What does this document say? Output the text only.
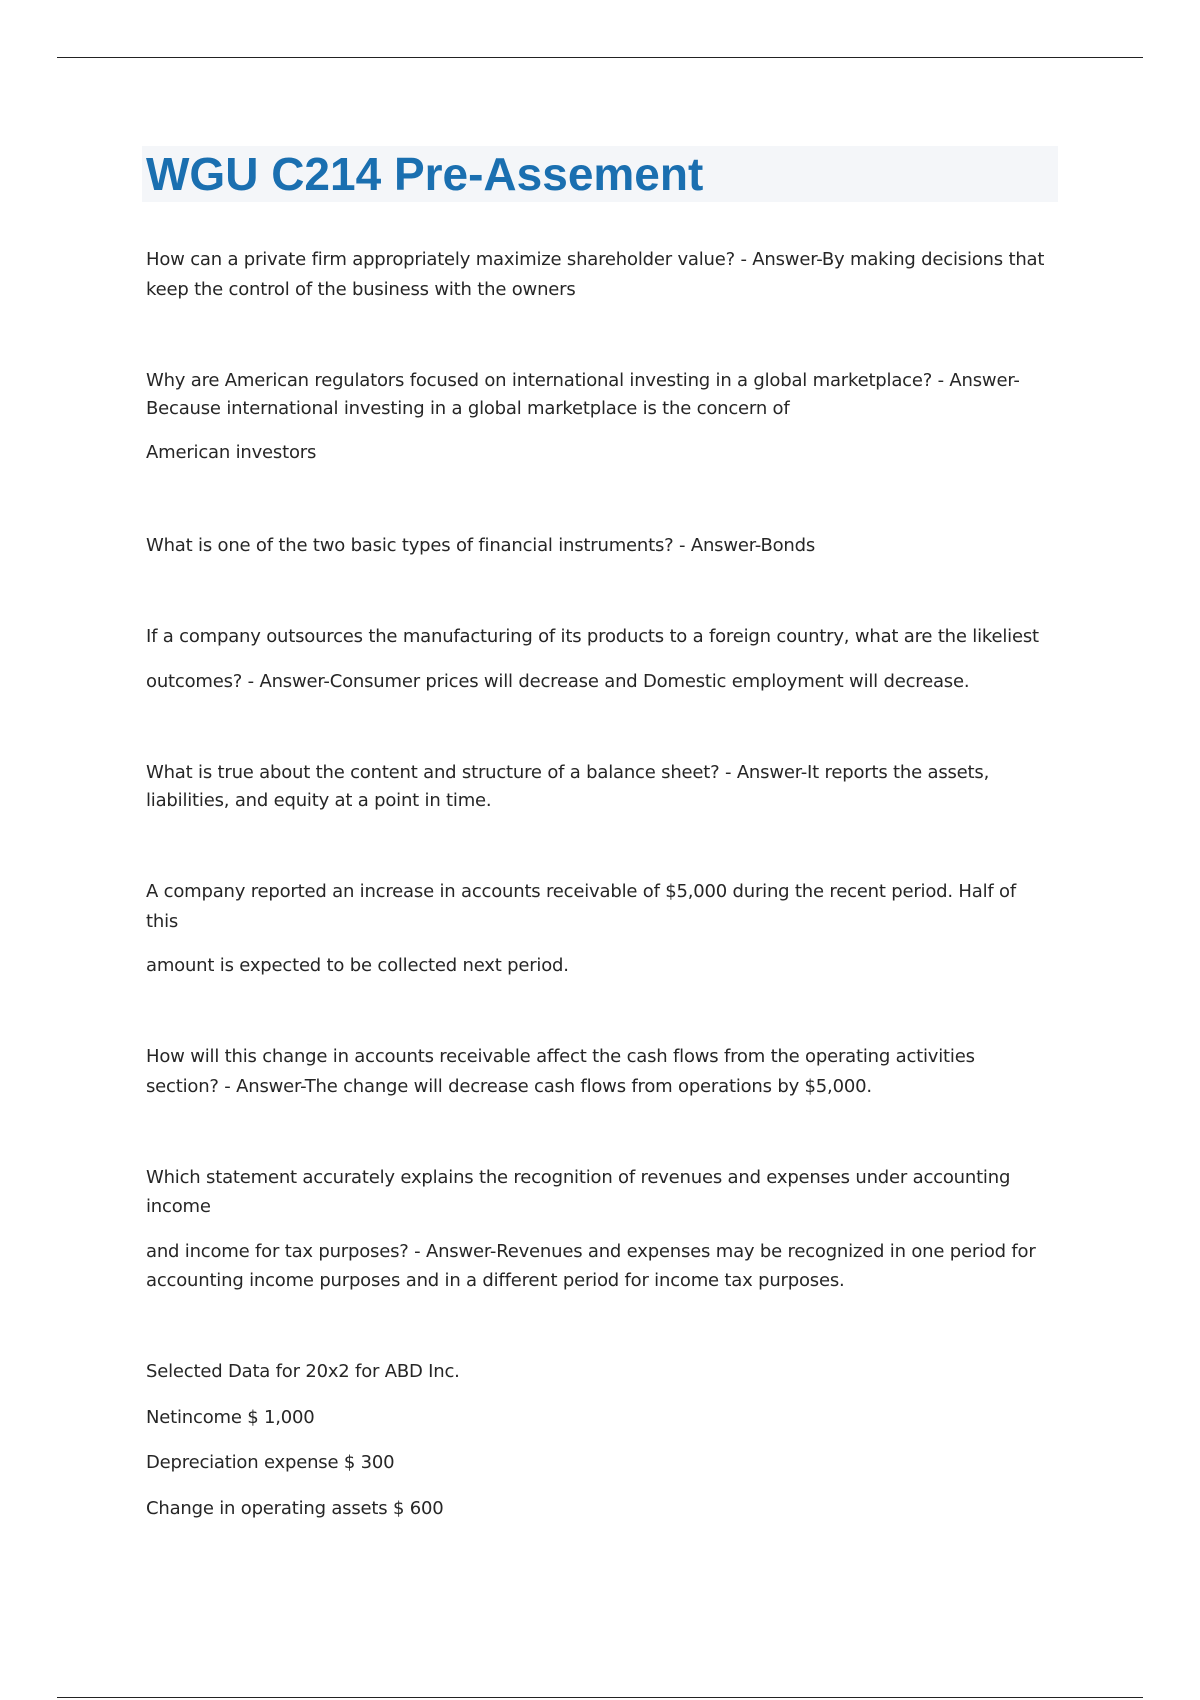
WGU C214 Pre-Assement

How can a private firm appropriately maximize shareholder value? - Answer-By making decisions that

keep the control of the business with the owners

Why are American regulators focused on international investing in a global marketplace? - Answer-

Because international investing in a global marketplace is the concern of

American investors

What is one of the two basic types of financial instruments? - Answer-Bonds

If a company outsources the manufacturing of its products to a foreign country, what are the likeliest

outcomes? - Answer-Consumer prices will decrease and Domestic employment will decrease.

What is true about the content and structure of a balance sheet? - Answer-It reports the assets,

liabilities, and equity at a point in time.

A company reported an increase in accounts receivable of $5,000 during the recent period. Half of

this

amount is expected to be collected next period.

How will this change in accounts receivable affect the cash flows from the operating activities

section? - Answer-The change will decrease cash flows from operations by $5,000.

Which statement accurately explains the recognition of revenues and expenses under accounting

income

and income for tax purposes? - Answer-Revenues and expenses may be recognized in one period for

accounting income purposes and in a different period for income tax purposes.

Selected Data for 20x2 for ABD Inc.

Netincome $ 1,000

Depreciation expense $ 300

Change in operating assets $ 600
